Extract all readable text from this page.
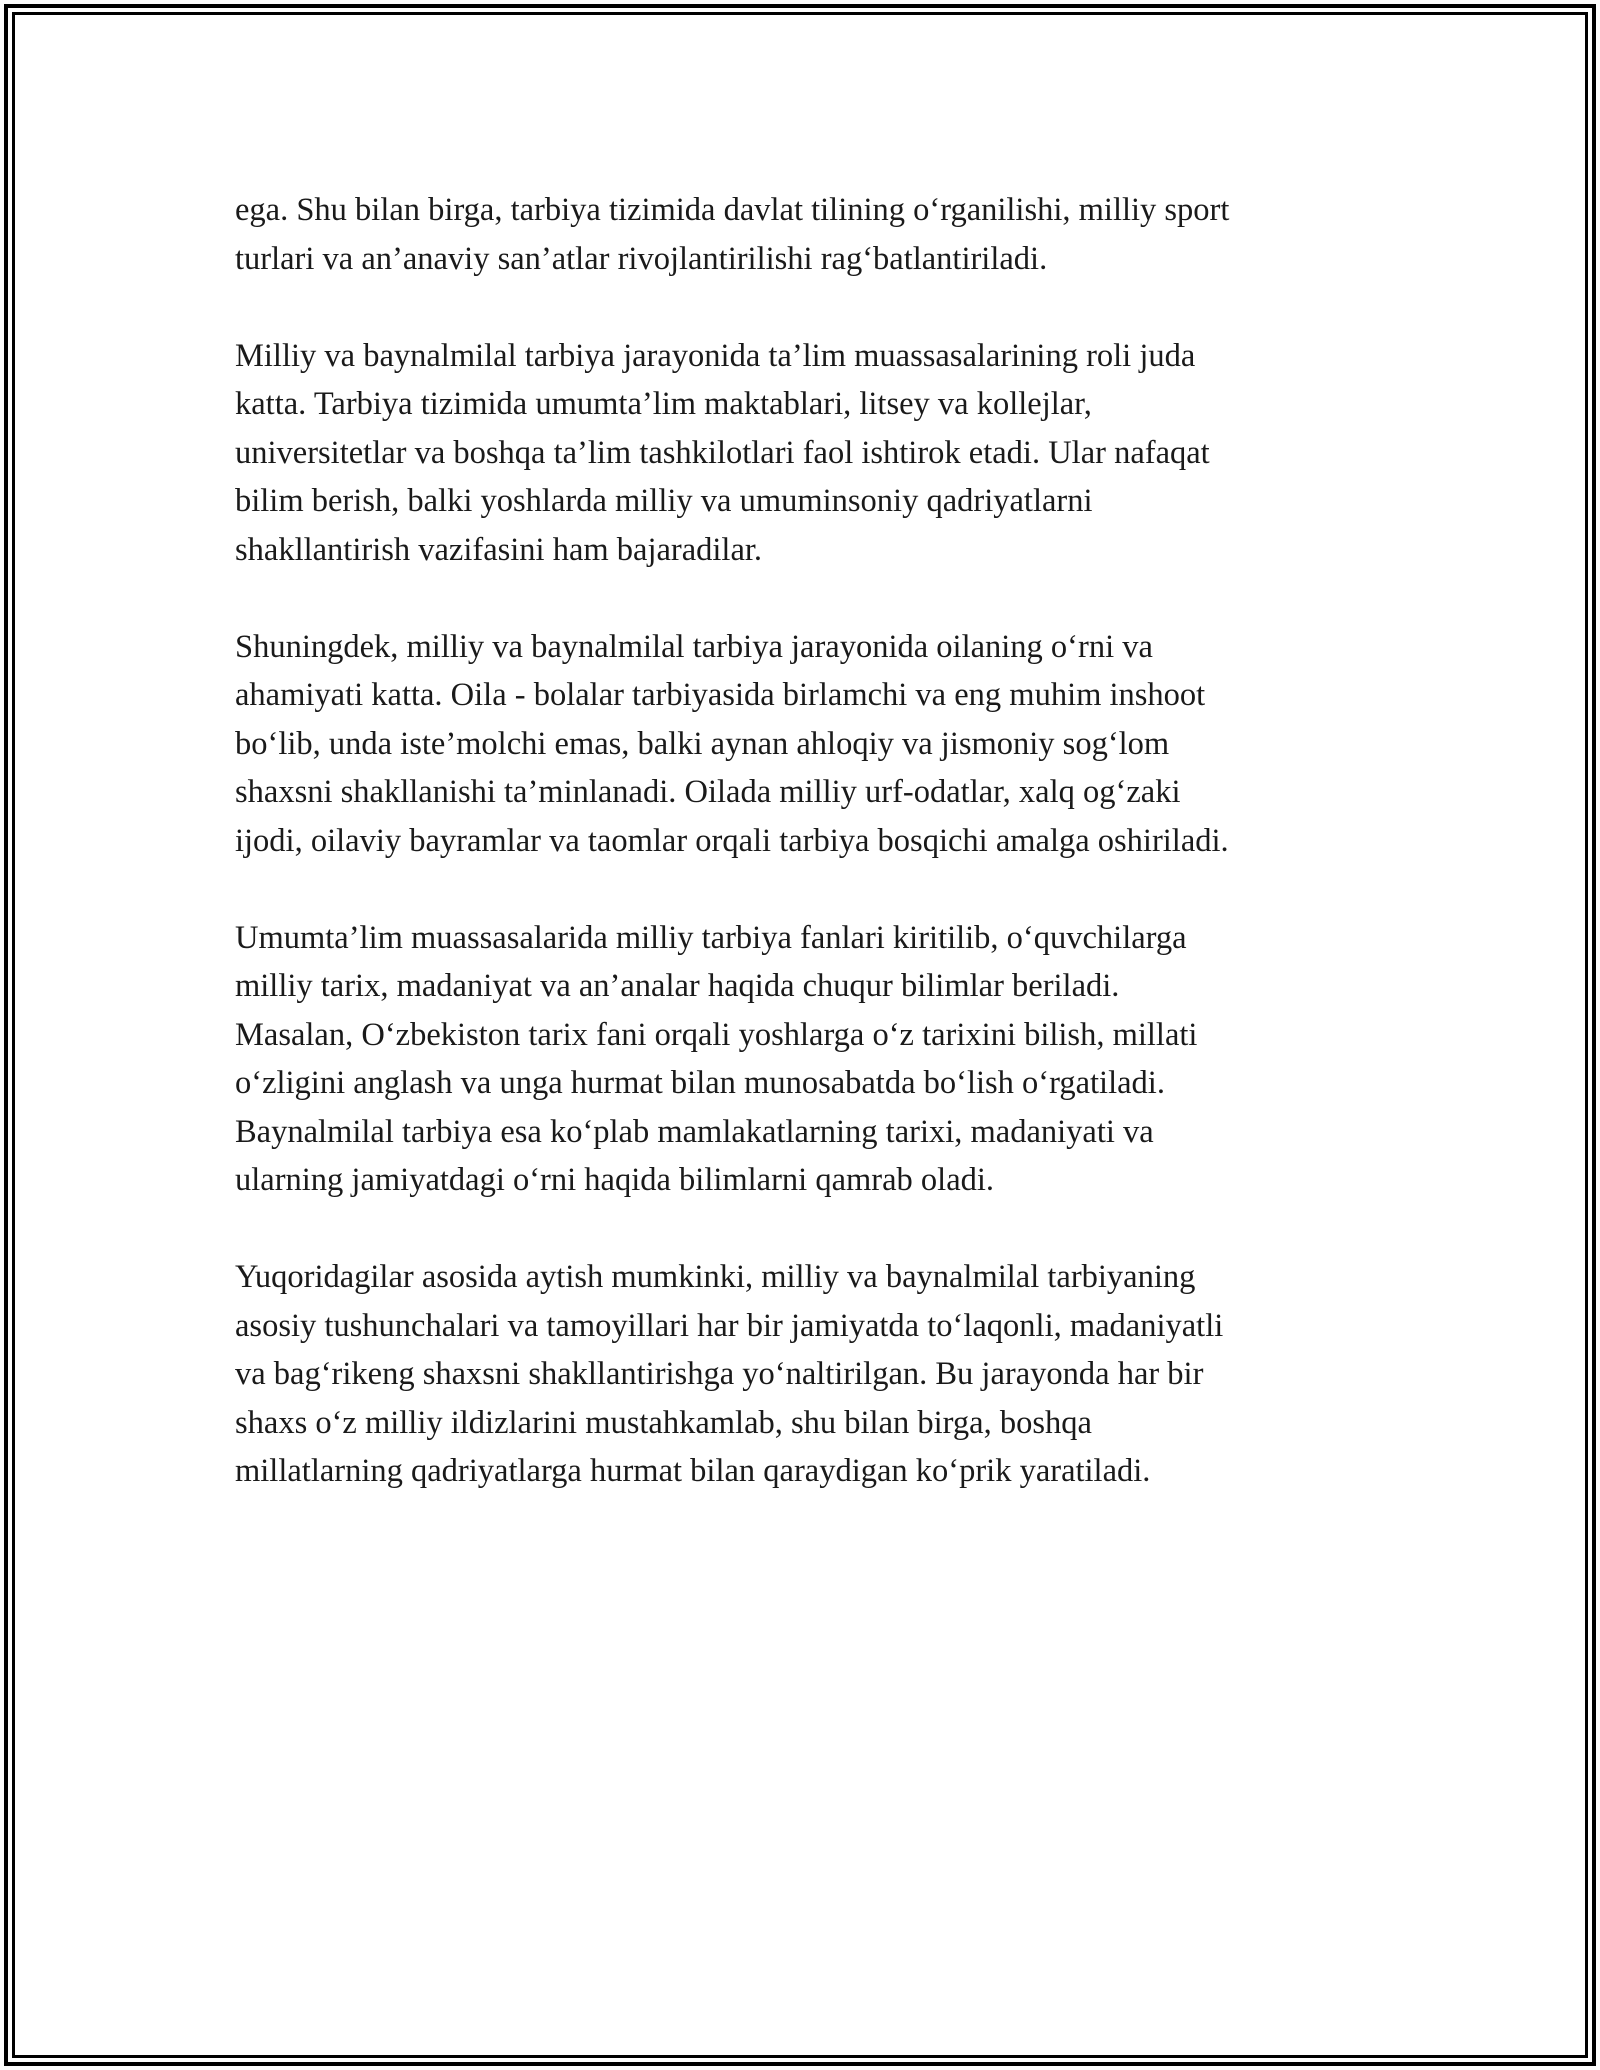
ega. Shu bilan birga, tarbiya tizimida davlat tilining o‘rganilishi, milliy sport
turlari va an’anaviy san’atlar rivojlantirilishi rag‘batlantiriladi.

Milliy va baynalmilal tarbiya jarayonida ta’lim muassasalarining roli juda
katta. Tarbiya tizimida umumta’lim maktablari, litsey va kollejlar,
universitetlar va boshqa ta’lim tashkilotlari faol ishtirok etadi. Ular nafaqat
bilim berish, balki yoshlarda milliy va umuminsoniy qadriyatlarni
shakllantirish vazifasini ham bajaradilar.

Shuningdek, milliy va baynalmilal tarbiya jarayonida oilaning o‘rni va
ahamiyati katta. Oila - bolalar tarbiyasida birlamchi va eng muhim inshoot
bo‘lib, unda iste’molchi emas, balki aynan ahloqiy va jismoniy sog‘lom
shaxsni shakllanishi ta’minlanadi. Oilada milliy urf-odatlar, xalq og‘zaki
ijodi, oilaviy bayramlar va taomlar orqali tarbiya bosqichi amalga oshiriladi.

Umumta’lim muassasalarida milliy tarbiya fanlari kiritilib, o‘quvchilarga
milliy tarix, madaniyat va an’analar haqida chuqur bilimlar beriladi.
Masalan, O‘zbekiston tarix fani orqali yoshlarga o‘z tarixini bilish, millati
o‘zligini anglash va unga hurmat bilan munosabatda bo‘lish o‘rgatiladi.
Baynalmilal tarbiya esa ko‘plab mamlakatlarning tarixi, madaniyati va
ularning jamiyatdagi o‘rni haqida bilimlarni qamrab oladi.

Yuqoridagilar asosida aytish mumkinki, milliy va baynalmilal tarbiyaning
asosiy tushunchalari va tamoyillari har bir jamiyatda to‘laqonli, madaniyatli
va bag‘rikeng shaxsni shakllantirishga yo‘naltirilgan. Bu jarayonda har bir
shaxs o‘z milliy ildizlarini mustahkamlab, shu bilan birga, boshqa
millatlarning qadriyatlarga hurmat bilan qaraydigan ko‘prik yaratiladi.
